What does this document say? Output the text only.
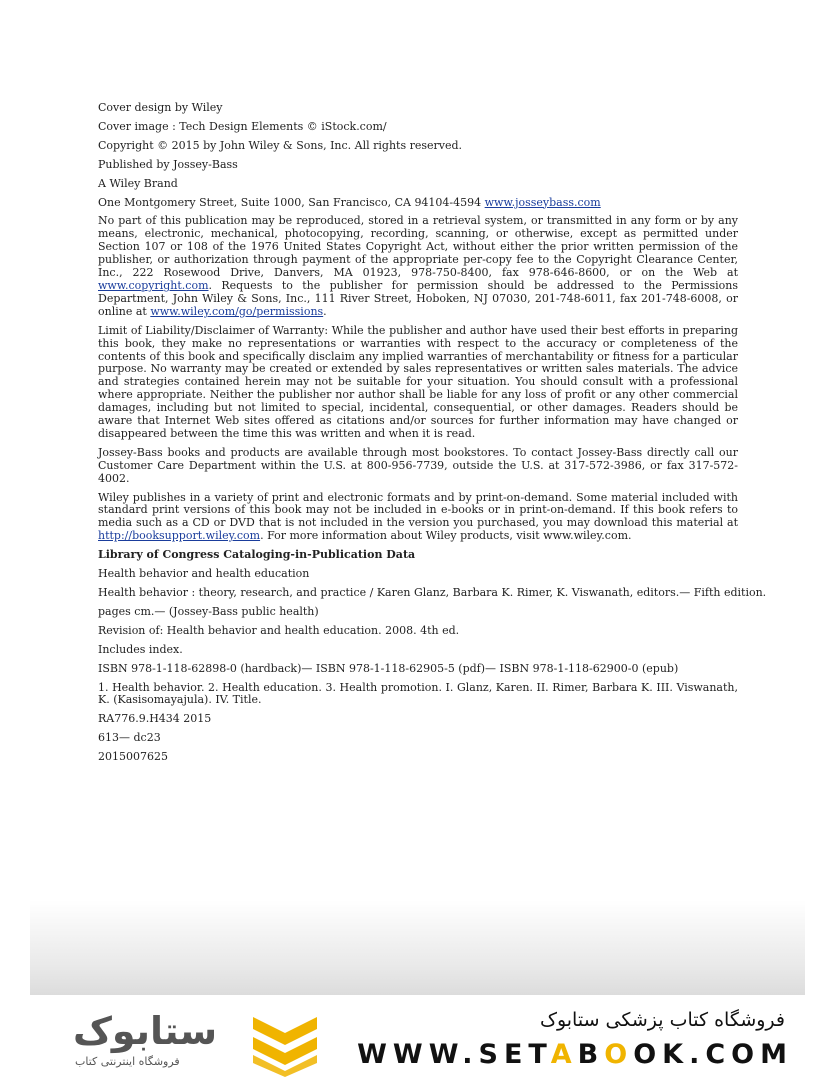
Cover design by Wiley
Cover image : Tech Design Elements © iStock.com/
Copyright © 2015 by John Wiley & Sons, Inc. All rights reserved.
Published by Jossey-Bass
A Wiley Brand
One Montgomery Street, Suite 1000, San Francisco, CA 94104-4594 www.josseybass.com

No part of this publication may be reproduced, stored in a retrieval system, or transmitted in any form or by any means, electronic, mechanical, photocopying, recording, scanning, or otherwise, except as permitted under Section 107 or 108 of the 1976 United States Copyright Act, without either the prior written permission of the publisher, or authorization through payment of the appropriate per-copy fee to the Copyright Clearance Center, Inc., 222 Rosewood Drive, Danvers, MA 01923, 978-750-8400, fax 978-646-8600, or on the Web at www.copyright.com. Requests to the publisher for permission should be addressed to the Permissions Department, John Wiley & Sons, Inc., 111 River Street, Hoboken, NJ 07030, 201-748-6011, fax 201-748-6008, or online at www.wiley.com/go/permissions.

Limit of Liability/Disclaimer of Warranty: While the publisher and author have used their best efforts in preparing this book, they make no representations or warranties with respect to the accuracy or completeness of the contents of this book and specifically disclaim any implied warranties of merchantability or fitness for a particular purpose. No warranty may be created or extended by sales representatives or written sales materials. The advice and strategies contained herein may not be suitable for your situation. You should consult with a professional where appropriate. Neither the publisher nor author shall be liable for any loss of profit or any other commercial damages, including but not limited to special, incidental, consequential, or other damages. Readers should be aware that Internet Web sites offered as citations and/or sources for further information may have changed or disappeared between the time this was written and when it is read.

Jossey-Bass books and products are available through most bookstores. To contact Jossey-Bass directly call our Customer Care Department within the U.S. at 800-956-7739, outside the U.S. at 317-572-3986, or fax 317-572-4002.

Wiley publishes in a variety of print and electronic formats and by print-on-demand. Some material included with standard print versions of this book may not be included in e-books or in print-on-demand. If this book refers to media such as a CD or DVD that is not included in the version you purchased, you may download this material at http://booksupport.wiley.com. For more information about Wiley products, visit www.wiley.com.

Library of Congress Cataloging-in-Publication Data
Health behavior and health education
Health behavior : theory, research, and practice / Karen Glanz, Barbara K. Rimer, K. Viswanath, editors.— Fifth edition.
pages cm.— (Jossey-Bass public health)
Revision of: Health behavior and health education. 2008. 4th ed.
Includes index.
ISBN 978-1-118-62898-0 (hardback)— ISBN 978-1-118-62905-5 (pdf)— ISBN 978-1-118-62900-0 (epub)

1. Health behavior. 2. Health education. 3. Health promotion. I. Glanz, Karen. II. Rimer, Barbara K. III. Viswanath, K. (Kasisomayajula). IV. Title.

RA776.9.H434 2015
613— dc23
2015007625
ستابوک
فروشگاه اینترنتی کتاب
فروشگاه کتاب پزشکی ستابوک
WWW.SETABOOK.COM
